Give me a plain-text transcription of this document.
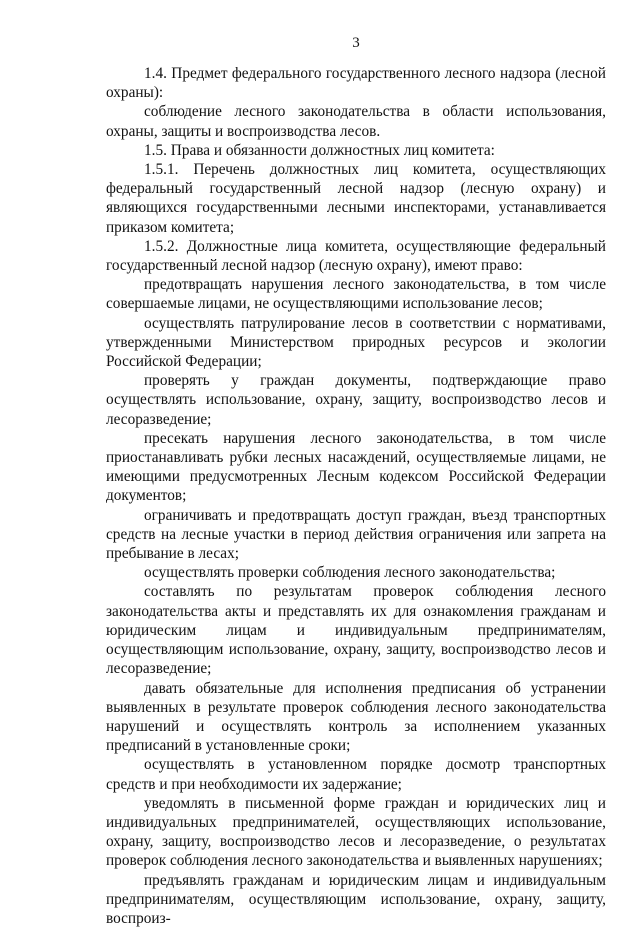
3

1.4. Предмет федерального государственного лесного надзора (лесной охраны):

соблюдение лесного законодательства в области использования, охраны, защиты и воспроизводства лесов.

1.5. Права и обязанности должностных лиц комитета:

1.5.1. Перечень должностных лиц комитета, осуществляющих федеральный государственный лесной надзор (лесную охрану) и являющихся государственными лесными инспекторами, устанавливается приказом комитета;

1.5.2. Должностные лица комитета, осуществляющие федеральный государственный лесной надзор (лесную охрану), имеют право:

предотвращать нарушения лесного законодательства, в том числе совершаемые лицами, не осуществляющими использование лесов;

осуществлять патрулирование лесов в соответствии с нормативами, утвержденными Министерством природных ресурсов и экологии Российской Федерации;

проверять у граждан документы, подтверждающие право осуществлять использование, охрану, защиту, воспроизводство лесов и лесоразведение;

пресекать нарушения лесного законодательства, в том числе приостанавливать рубки лесных насаждений, осуществляемые лицами, не имеющими предусмотренных Лесным кодексом Российской Федерации документов;

ограничивать и предотвращать доступ граждан, въезд транспортных средств на лесные участки в период действия ограничения или запрета на пребывание в лесах;

осуществлять проверки соблюдения лесного законодательства;

составлять по результатам проверок соблюдения лесного законодательства акты и представлять их для ознакомления гражданам и юридическим лицам и индивидуальным предпринимателям, осуществляющим использование, охрану, защиту, воспроизводство лесов и лесоразведение;

давать обязательные для исполнения предписания об устранении выявленных в результате проверок соблюдения лесного законодательства нарушений и осуществлять контроль за исполнением указанных предписаний в установленные сроки;

осуществлять в установленном порядке досмотр транспортных средств и при необходимости их задержание;

уведомлять в письменной форме граждан и юридических лиц и индивидуальных предпринимателей, осуществляющих использование, охрану, защиту, воспроизводство лесов и лесоразведение, о результатах проверок соблюдения лесного законодательства и выявленных нарушениях;

предъявлять гражданам и юридическим лицам и индивидуальным предпринимателям, осуществляющим использование, охрану, защиту, воспроиз-
